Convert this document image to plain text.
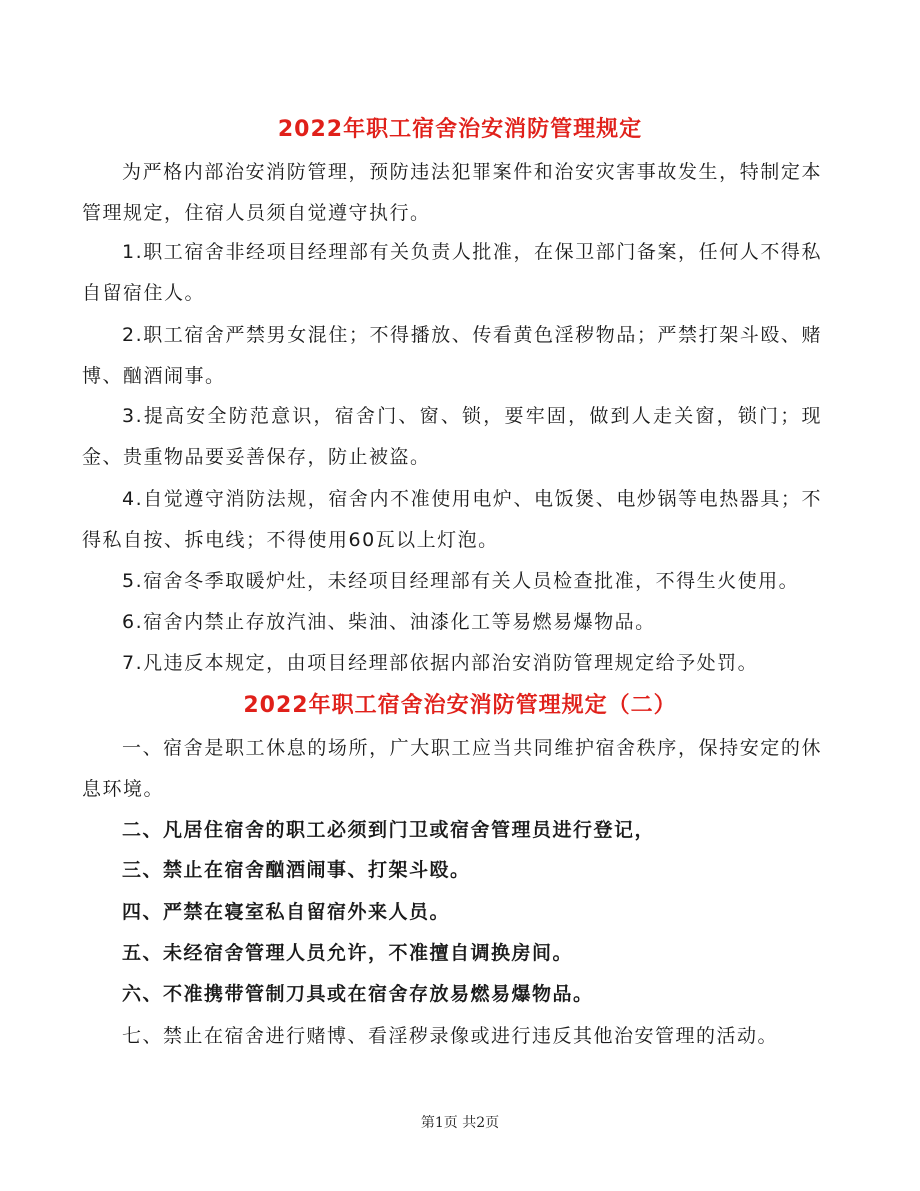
2022年职工宿舍治安消防管理规定
为严格内部治安消防管理，预防违法犯罪案件和治安灾害事故发生，特制定本管理规定，住宿人员须自觉遵守执行。
1.职工宿舍非经项目经理部有关负责人批准，在保卫部门备案，任何人不得私自留宿住人。
2.职工宿舍严禁男女混住；不得播放、传看黄色淫秽物品；严禁打架斗殴、赌博、酗酒闹事。
3.提高安全防范意识，宿舍门、窗、锁，要牢固，做到人走关窗，锁门；现金、贵重物品要妥善保存，防止被盗。
4.自觉遵守消防法规，宿舍内不准使用电炉、电饭煲、电炒锅等电热器具；不得私自按、拆电线；不得使用60瓦以上灯泡。
5.宿舍冬季取暖炉灶，未经项目经理部有关人员检查批准，不得生火使用。
6.宿舍内禁止存放汽油、柴油、油漆化工等易燃易爆物品。
7.凡违反本规定，由项目经理部依据内部治安消防管理规定给予处罚。
2022年职工宿舍治安消防管理规定（二）
一、宿舍是职工休息的场所，广大职工应当共同维护宿舍秩序，保持安定的休息环境。
二、凡居住宿舍的职工必须到门卫或宿舍管理员进行登记，
三、禁止在宿舍酗酒闹事、打架斗殴。
四、严禁在寝室私自留宿外来人员。
五、未经宿舍管理人员允许，不准擅自调换房间。
六、不准携带管制刀具或在宿舍存放易燃易爆物品。
七、禁止在宿舍进行赌博、看淫秽录像或进行违反其他治安管理的活动。
第1页 共2页
